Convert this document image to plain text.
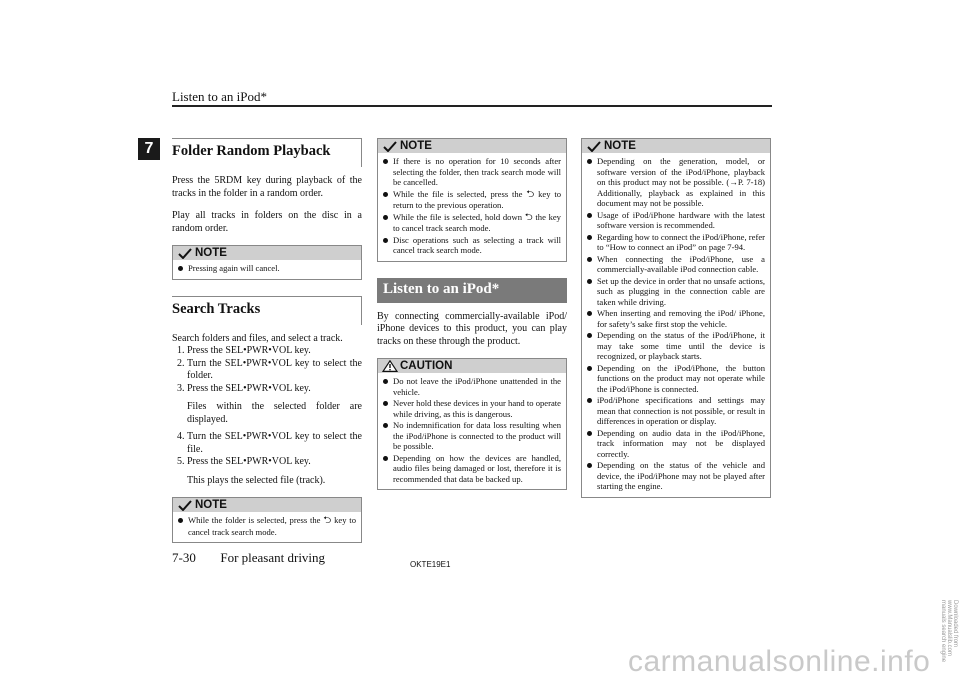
Listen to an iPod*
7	Folder Random Playback

Press the 5RDM key during playback of the tracks in the folder in a random order.

Play all tracks in folders on the disc in a random order.

NOTE
Pressing again will cancel.
Search Tracks

Search folders and files, and select a track.

1. Press the SEL•PWR•VOL key.
2. Turn the SEL•PWR•VOL key to select the folder.
3. Press the SEL•PWR•VOL key.
Files within the selected folder are displayed.
4. Turn the SEL•PWR•VOL key to select the file.
5. Press the SEL•PWR•VOL key.
This plays the selected file (track).
NOTE
While the folder is selected, press the ⮌ key to cancel track search mode.
NOTE
If there is no operation for 10 seconds after selecting the folder, then track search mode will be cancelled.
While the file is selected, press the ⮌ key to return to the previous operation.
While the file is selected, hold down ⮌ the key to cancel track search mode.
Disc operations such as selecting a track will cancel track search mode.
Listen to an iPod*

By connecting commercially-available iPod/ iPhone devices to this product, you can play tracks on these through the product.

CAUTION
Do not leave the iPod/iPhone unattended in the vehicle.
Never hold these devices in your hand to operate while driving, as this is dangerous.
No indemnification for data loss resulting when the iPod/iPhone is connected to the product will be possible.
Depending on how the devices are handled, audio files being damaged or lost, therefore it is recommended that data be backed up.
NOTE
Depending on the generation, model, or software version of the iPod/iPhone, playback on this product may not be possible. (→P. 7-18) Additionally, playback as explained in this document may not be possible.
Usage of iPod/iPhone hardware with the latest software version is recommended.
Regarding how to connect the iPod/iPhone, refer to “How to connect an iPod” on page 7-94.
When connecting the iPod/iPhone, use a commercially-available iPod connection cable.
Set up the device in order that no unsafe actions, such as plugging in the connection cable are taken while driving.
When inserting and removing the iPod/ iPhone, for safety’s sake first stop the vehicle.
Depending on the status of the iPod/iPhone, it may take some time until the device is recognized, or playback starts.
Depending on the iPod/iPhone, the button functions on the product may not operate while the iPod/iPhone is connected.
iPod/iPhone specifications and settings may mean that connection is not possible, or result in differences in operation or display.
Depending on audio data in the iPod/iPhone, track information may not be displayed correctly.
Depending on the status of the vehicle and device, the iPod/iPhone may not be played after starting the engine.
7-30 For pleasant driving	OKTE19E1
carmanualsonline.info
Downloaded from www.Manualslib.com manuals search engine
